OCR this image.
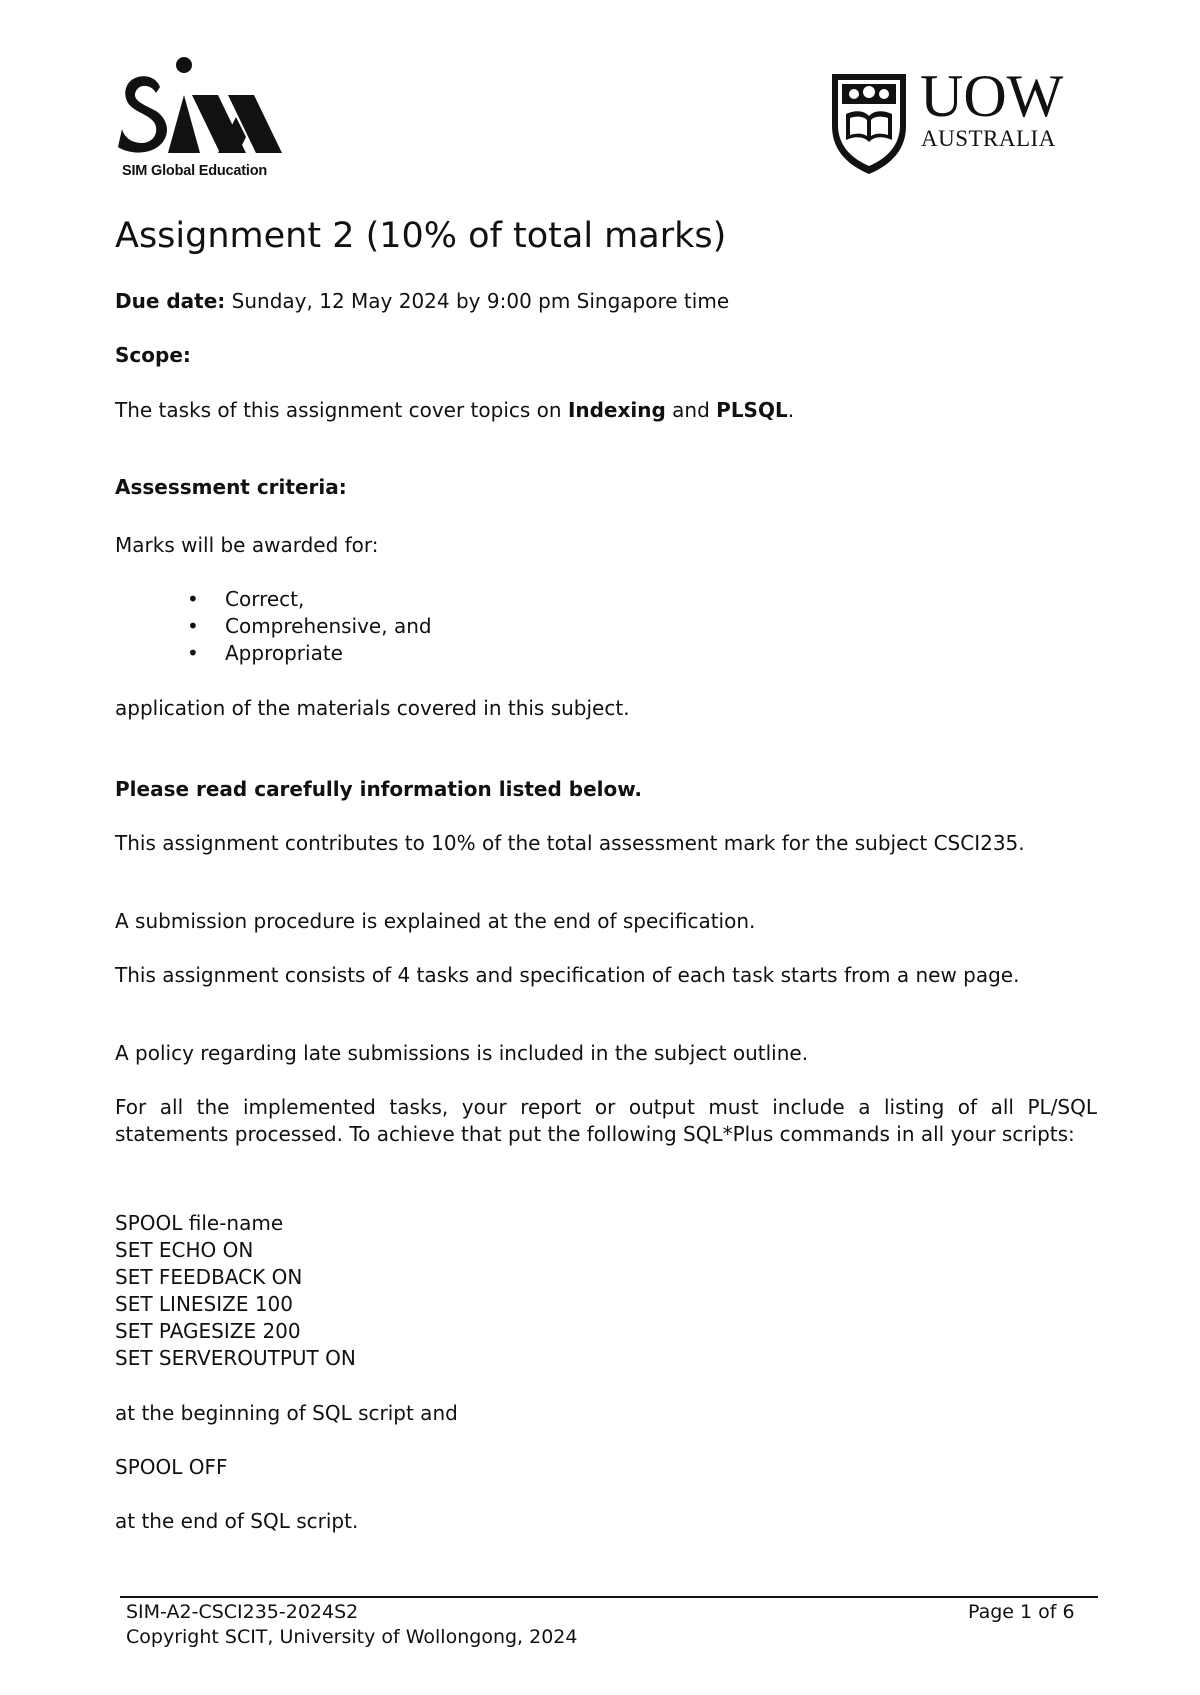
SIM Global Education
UOW
AUSTRALIA
Assignment 2 (10% of total marks)
Due date: Sunday, 12 May 2024 by 9:00 pm Singapore time
Scope:
The tasks of this assignment cover topics on Indexing and PLSQL.
Assessment criteria:
Marks will be awarded for:
• Correct,
• Comprehensive, and
• Appropriate
application of the materials covered in this subject.
Please read carefully information listed below.
This assignment contributes to 10% of the total assessment mark for the subject CSCI235.
A submission procedure is explained at the end of specification.
This assignment consists of 4 tasks and specification of each task starts from a new page.
A policy regarding late submissions is included in the subject outline.
For all the implemented tasks, your report or output must include a listing of all PL/SQL statements processed. To achieve that put the following SQL*Plus commands in all your scripts:
SPOOL file-name
SET ECHO ON
SET FEEDBACK ON
SET LINESIZE 100
SET PAGESIZE 200
SET SERVEROUTPUT ON
at the beginning of SQL script and
SPOOL OFF
at the end of SQL script.
SIM-A2-CSCI235-2024S2
Copyright SCIT, University of Wollongong, 2024
Page 1 of 6
